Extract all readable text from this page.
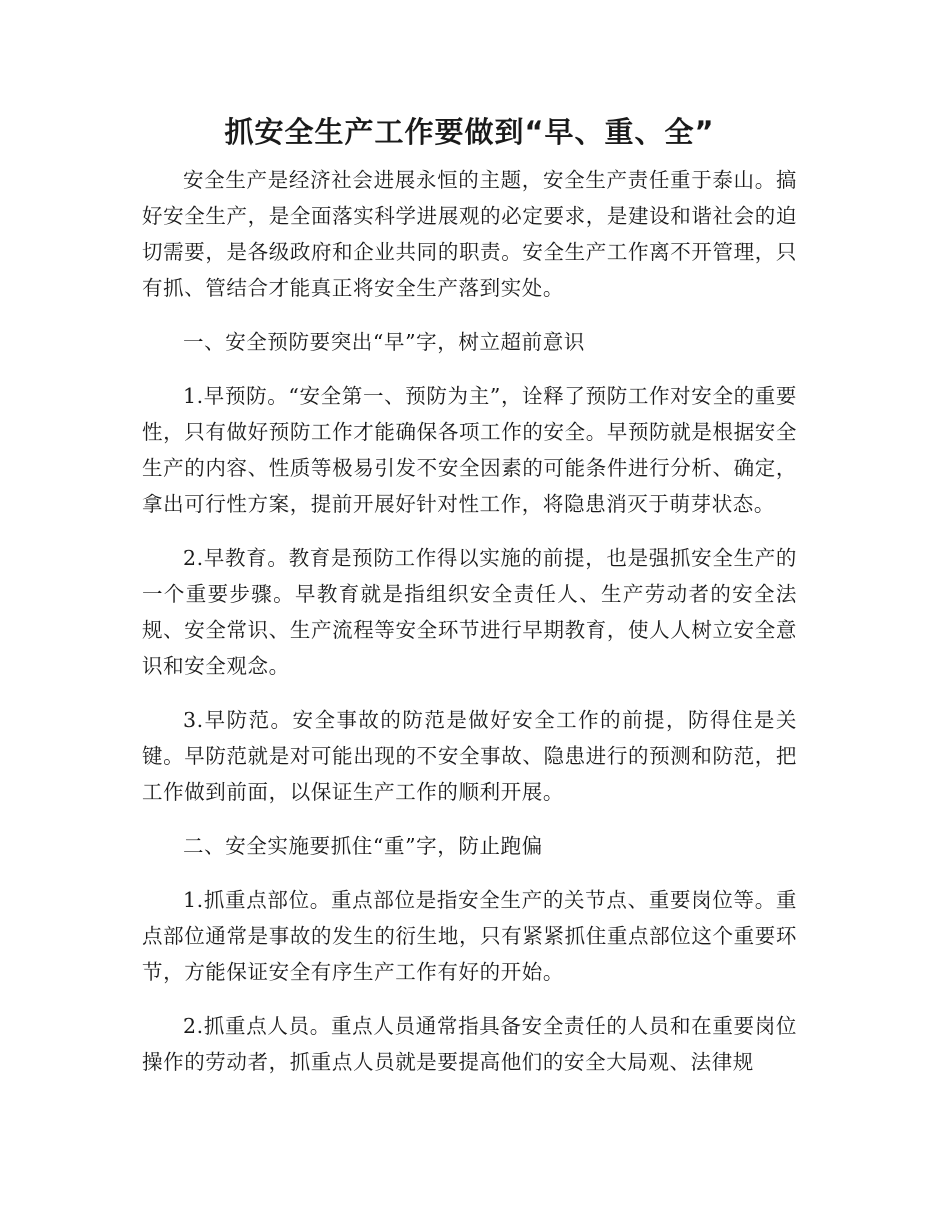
抓安全生产工作要做到“早、重、全”

安全生产是经济社会进展永恒的主题，安全生产责任重于泰山。搞好安全生产，是全面落实科学进展观的必定要求，是建设和谐社会的迫切需要，是各级政府和企业共同的职责。安全生产工作离不开管理，只有抓、管结合才能真正将安全生产落到实处。

一、安全预防要突出“早”字，树立超前意识

1.早预防。“安全第一、预防为主”，诠释了预防工作对安全的重要性，只有做好预防工作才能确保各项工作的安全。早预防就是根据安全生产的内容、性质等极易引发不安全因素的可能条件进行分析、确定，拿出可行性方案，提前开展好针对性工作，将隐患消灭于萌芽状态。

2.早教育。教育是预防工作得以实施的前提，也是强抓安全生产的一个重要步骤。早教育就是指组织安全责任人、生产劳动者的安全法规、安全常识、生产流程等安全环节进行早期教育，使人人树立安全意识和安全观念。

3.早防范。安全事故的防范是做好安全工作的前提，防得住是关键。早防范就是对可能出现的不安全事故、隐患进行的预测和防范，把工作做到前面，以保证生产工作的顺利开展。

二、安全实施要抓住“重”字，防止跑偏

1.抓重点部位。重点部位是指安全生产的关节点、重要岗位等。重点部位通常是事故的发生的衍生地，只有紧紧抓住重点部位这个重要环节，方能保证安全有序生产工作有好的开始。

2.抓重点人员。重点人员通常指具备安全责任的人员和在重要岗位操作的劳动者，抓重点人员就是要提高他们的安全大局观、法律规
